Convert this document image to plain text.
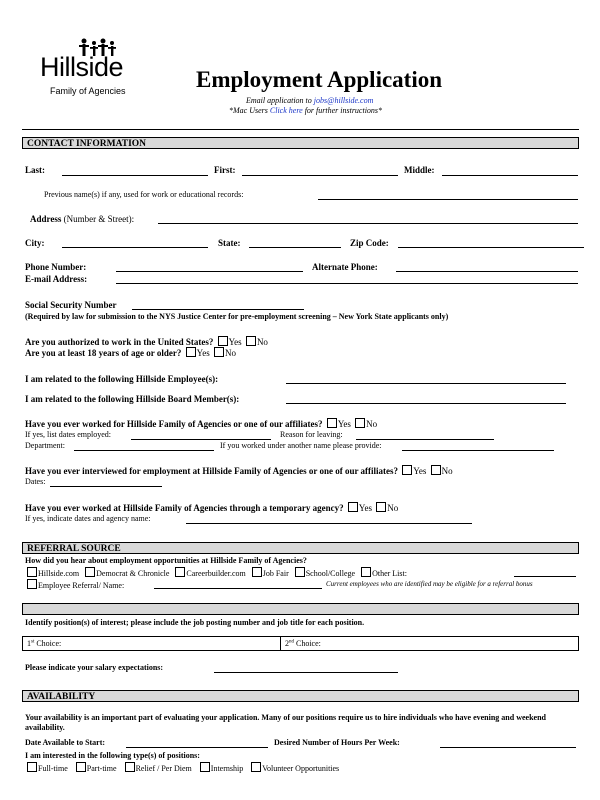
Hillside
Family of Agencies	Employment Application
Email application to jobs@hillside.com
*Mac Users Click here for further instructions*
CONTACT INFORMATION
Last:	First:	Middle:
Previous name(s) if any, used for work or educational records:
Address (Number & Street):
City:	State:	Zip Code:
Phone Number:	Alternate Phone:
E-mail Address:
Social Security Number
(Required by law for submission to the NYS Justice Center for pre-employment screening – New York State applicants only)
Are you authorized to work in the United States? Yes No
Are you at least 18 years of age or older? Yes No
I am related to the following Hillside Employee(s):
I am related to the following Hillside Board Member(s):
Have you ever worked for Hillside Family of Agencies or one of our affiliates? Yes No
If yes, list dates employed:	Reason for leaving:
Department:	If you worked under another name please provide:
Have you ever interviewed for employment at Hillside Family of Agencies or one of our affiliates? Yes No
Dates:
Have you ever worked at Hillside Family of Agencies through a temporary agency? Yes No
If yes, indicate dates and agency name:
REFERRAL SOURCE
How did you hear about employment opportunities at Hillside Family of Agencies?
Hillside.com Democrat & Chronicle Careerbuilder.com Job Fair School/College Other List:
Employee Referral/ Name:	Current employees who are identified may be eligible for a referral bonus
Identify position(s) of interest; please include the job posting number and job title for each position.
1st Choice:	2nd Choice:
Please indicate your salary expectations:
AVAILABILITY
Your availability is an important part of evaluating your application. Many of our positions require us to hire individuals who have evening and weekend availability.
Date Available to Start:	Desired Number of Hours Per Week:
I am interested in the following type(s) of positions:
Full-time Part-time Relief / Per Diem Internship Volunteer Opportunities
